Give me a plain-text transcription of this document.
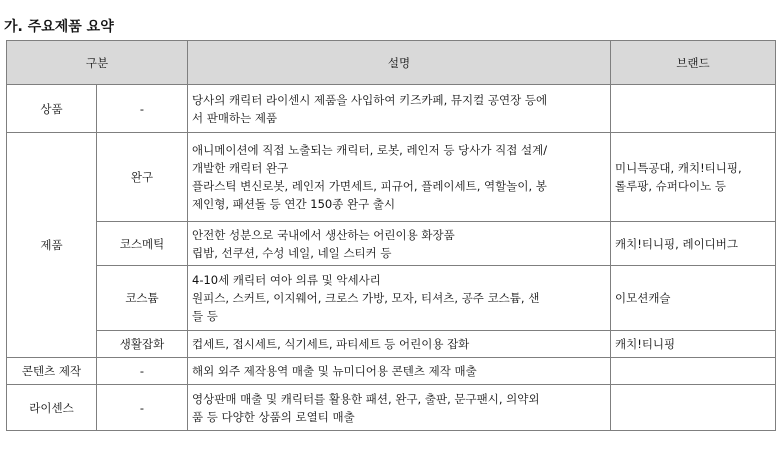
가. 주요제품 요약
구분		설명	브랜드
상품	-	당사의 캐릭터 라이센시 제품을 사입하여 키즈카페, 뮤지컬 공연장 등에
서 판매하는 제품	

제품	완구	애니메이션에 직접 노출되는 캐릭터, 로봇, 레인저 등 당사가 직접 설계/
개발한 캐릭터 완구
플라스틱 변신로봇, 레인저 가면세트, 피규어, 플레이세트, 역할놀이, 봉
제인형, 패션돌 등 연간 150종 완구 출시	미니특공대, 캐치!티니핑,
롤루팡, 슈퍼다이노 등

	코스메틱	안전한 성분으로 국내에서 생산하는 어린이용 화장품
립밤, 선쿠션, 수성 네일, 네일 스티커 등	캐치!티니핑, 레이디버그
	코스튬	4-10세 캐릭터 여아 의류 및 악세사리
원피스, 스커트, 이지웨어, 크로스 가방, 모자, 티셔츠, 공주 코스튬, 샌
들 등	이모션캐슬
	생활잡화	컵세트, 접시세트, 식기세트, 파티세트 등 어린이용 잡화	캐치!티니핑
콘텐츠 제작	-	해외 외주 제작용역 매출 및 뉴미디어용 콘텐츠 제작 매출	

라이센스	-	영상판매 매출 및 캐릭터를 활용한 패션, 완구, 출판, 문구팬시, 의약외
품 등 다양한 상품의 로열티 매출	
